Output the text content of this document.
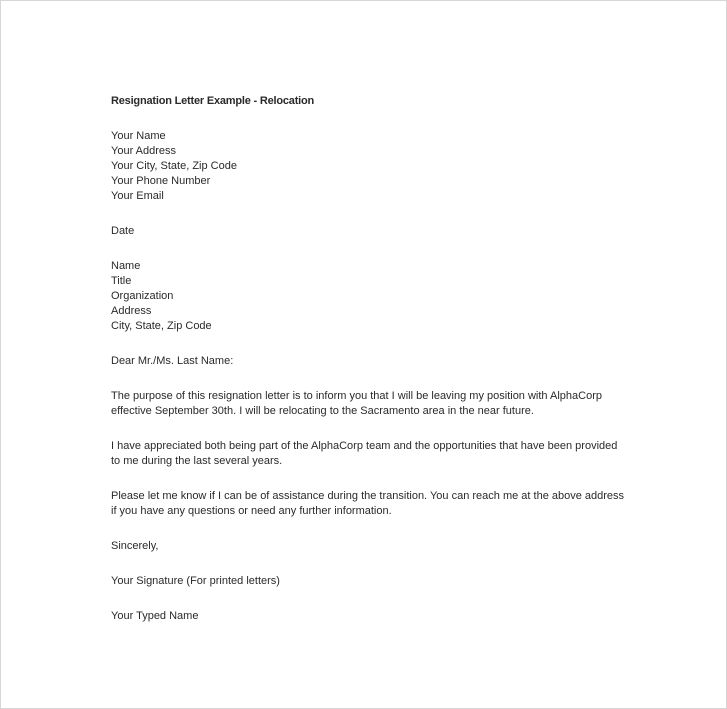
Resignation Letter Example - Relocation

Your Name
Your Address
Your City, State, Zip Code
Your Phone Number
Your Email
Date
Name
Title
Organization
Address
City, State, Zip Code
Dear Mr./Ms. Last Name:
The purpose of this resignation letter is to inform you that I will be leaving my position with AlphaCorp
effective September 30th. I will be relocating to the Sacramento area in the near future.
I have appreciated both being part of the AlphaCorp team and the opportunities that have been provided
to me during the last several years.
Please let me know if I can be of assistance during the transition. You can reach me at the above address
if you have any questions or need any further information.
Sincerely,
Your Signature (For printed letters)
Your Typed Name
